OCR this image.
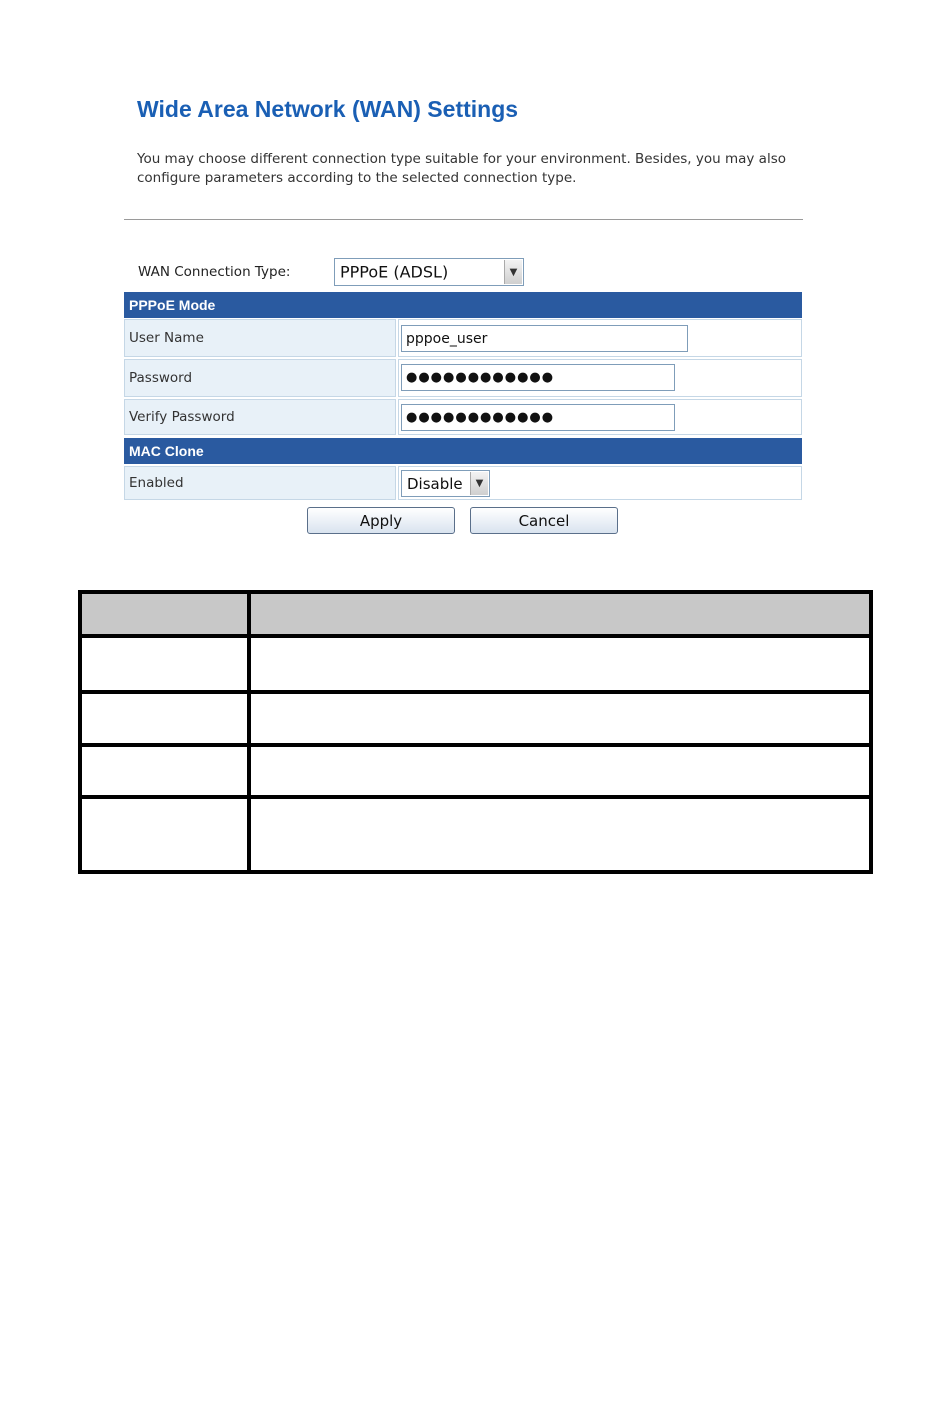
Wide Area Network (WAN) Settings
You may choose different connection type suitable for your environment. Besides, you may also configure parameters according to the selected connection type.
WAN Connection Type:	PPPoE (ADSL)	▼
PPPoE Mode
User Name	pppoe_user
Password	●●●●●●●●●●●●
Verify Password	●●●●●●●●●●●●
MAC Clone
Enabled	Disable	▼
Apply	Cancel
